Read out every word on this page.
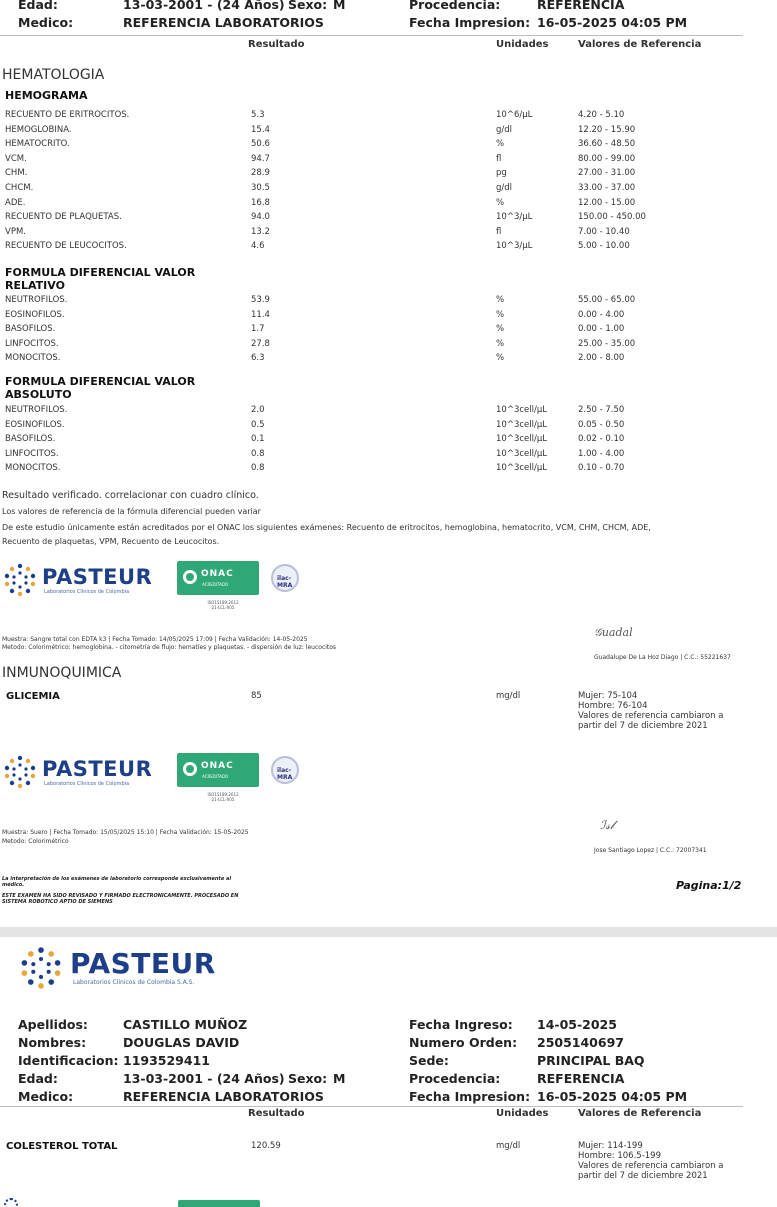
Edad:	13-03-2001 - (24 Años) Sexo: M	Procedencia:	REFERENCIA
Medico:	REFERENCIA LABORATORIOS	Fecha Impresion: 16-05-2025 04:05 PM
Resultado	Unidades	Valores de Referencia
HEMATOLOGIA
HEMOGRAMA
RECUENTO DE ERITROCITOS.	5.3	10^6/µL	4.20 - 5.10
HEMOGLOBINA.	15.4	g/dl	12.20 - 15.90
HEMATOCRITO.	50.6	%	36.60 - 48.50
VCM.	94.7	fl	80.00 - 99.00
CHM.	28.9	pg	27.00 - 31.00
CHCM.	30.5	g/dl	33.00 - 37.00
ADE.	16.8	%	12.00 - 15.00
RECUENTO DE PLAQUETAS.	94.0	10^3/µL	150.00 - 450.00
VPM.	13.2	fl	7.00 - 10.40
RECUENTO DE LEUCOCITOS.	4.6	10^3/µL	5.00 - 10.00
FORMULA DIFERENCIAL VALOR
RELATIVO
NEUTROFILOS.	53.9	%	55.00 - 65.00
EOSINOFILOS.	11.4	%	0.00 - 4.00
BASOFILOS.	1.7	%	0.00 - 1.00
LINFOCITOS.	27.8	%	25.00 - 35.00
MONOCITOS.	6.3	%	2.00 - 8.00
FORMULA DIFERENCIAL VALOR
ABSOLUTO
NEUTROFILOS.	2.0	10^3cell/µL	2.50 - 7.50
EOSINOFILOS.	0.5	10^3cell/µL	0.05 - 0.50
BASOFILOS.	0.1	10^3cell/µL	0.02 - 0.10
LINFOCITOS.	0.8	10^3cell/µL	1.00 - 4.00
MONOCITOS.	0.8	10^3cell/µL	0.10 - 0.70
Resultado verificado. correlacionar con cuadro clínico.
Los valores de referencia de la fórmula diferencial pueden variar
De este estudio únicamente están acreditados por el ONAC los siguientes exámenes: Recuento de eritrocitos, hemoglobina, hematocrito, VCM, CHM, CHCM, ADE,
Recuento de plaquetas, VPM, Recuento de Leucocitos.
PASTEUR
Laboratorios Clínicos de Colombia
ONAC
ACREDITADO
ilac-MRA
ISO15189:2012
21-LCL-005
Muestra: Sangre total con EDTA k3 | Fecha Tomado: 14/05/2025 17:09 | Fecha Validación: 14-05-2025
Metodo: Colorimétrico: hemoglobina. - citometría de flujo: hematíes y plaquetas. - dispersión de luz: leucocitos
𝒢uadal
Guadalupe De La Hoz Diago | C.C.: 55221637
INMUNOQUIMICA
GLICEMIA	85	mg/dl	Mujer: 75-104
Hombre: 76-104
Valores de referencia cambiaron a
partir del 7 de diciembre 2021
PASTEUR
Laboratorios Clínicos de Colombia
ONAC
ACREDITADO
ilac-MRA
ISO15189:2012
21-LCL-005
Muestra: Suero | Fecha Tomado: 15/05/2025 15:10 | Fecha Validación: 15-05-2025
Metodo: Colorimétrico
ℐ𝓈𝓁
Jose Santiago Lopez | C.C.: 72007341
La interpretación de los exámenes de laboratorio corresponde exclusivamente al médico.
ESTE EXAMEN HA SIDO REVISADO Y FIRMADO ELECTRONICAMENTE. PROCESADO EN SISTEMA ROBOTICO APTIO DE SIEMENS
Pagina:1/2
PASTEUR
Laboratorios Clínicos de Colombia S.A.S.
Apellidos:	CASTILLO MUÑOZ	Fecha Ingreso: 14-05-2025
Nombres:	DOUGLAS DAVID	Numero Orden: 2505140697
Identificacion: 1193529411	Sede:	PRINCIPAL BAQ
Edad:	13-03-2001 - (24 Años) Sexo: M	Procedencia:	REFERENCIA
Medico:	REFERENCIA LABORATORIOS	Fecha Impresion: 16-05-2025 04:05 PM
Resultado	Unidades	Valores de Referencia
COLESTEROL TOTAL	120.59	mg/dl	Mujer: 114-199
Hombre: 106.5-199
Valores de referencia cambiaron a
partir del 7 de diciembre 2021
